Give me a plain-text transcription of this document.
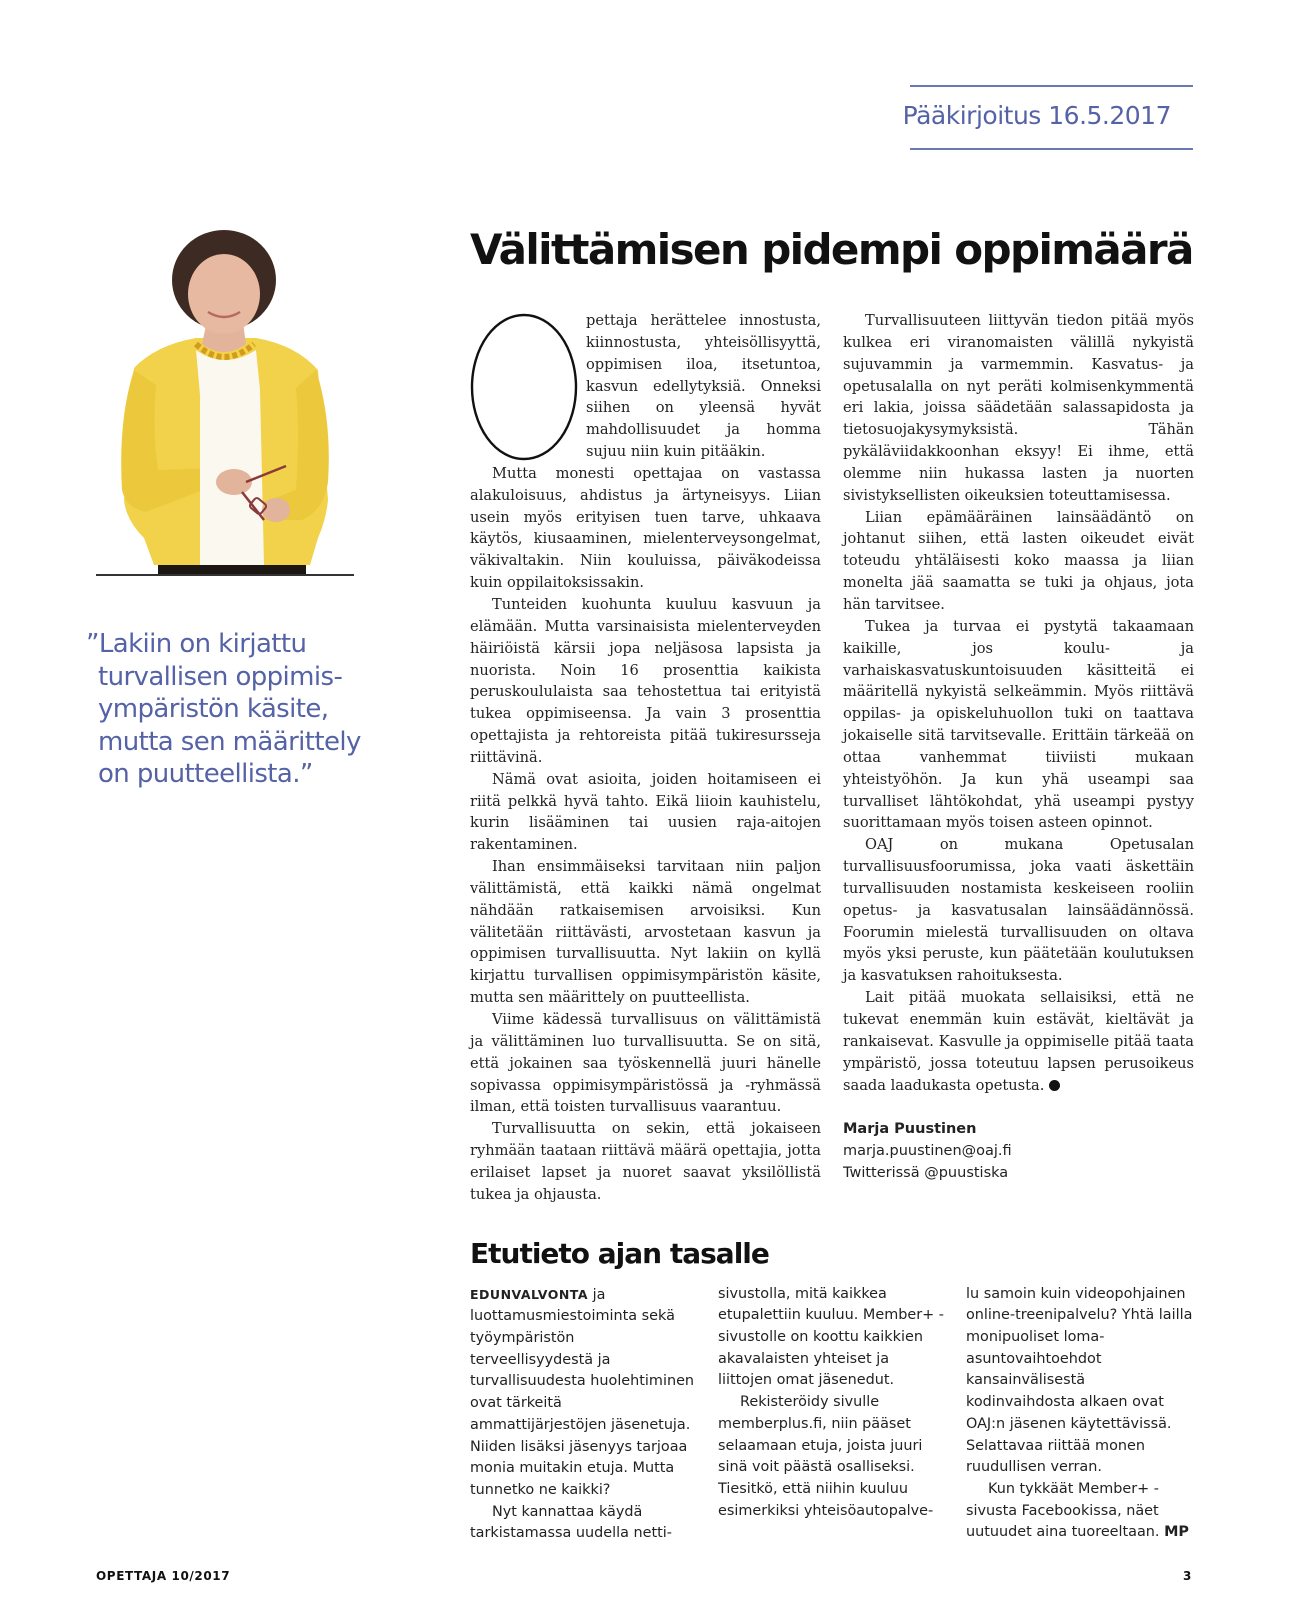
Pääkirjoitus 16.5.2017
”Lakiin on kirjattu
turvallisen oppimis-
ympäristön käsite,
mutta sen määrittely
on puutteellista.”
Välittämisen pidempi oppimäärä
O

pettaja herättelee innostusta, kiinnostusta, yhteisöllisyyttä, oppimisen iloa, itsetuntoa, kasvun edellytyksiä. Onneksi siihen on yleensä hyvät mahdollisuudet ja homma sujuu niin kuin pitääkin.

Mutta monesti opettajaa on vastassa alakuloisuus, ahdistus ja ärtyneisyys. Liian usein myös erityisen tuen tarve, uhkaava käytös, kiusaaminen, mielenterveysongelmat, väkivaltakin. Niin kouluissa, päiväkodeissa kuin oppilaitoksissakin.

Tunteiden kuohunta kuuluu kasvuun ja elämään. Mutta varsinaisista mielenterveyden häiriöistä kärsii jopa neljäsosa lapsista ja nuorista. Noin 16 prosenttia kaikista peruskoululaista saa tehostettua tai erityistä tukea oppimiseensa. Ja vain 3 prosenttia opettajista ja rehtoreista pitää tukiresursseja riittävinä.

Nämä ovat asioita, joiden hoitamiseen ei riitä pelkkä hyvä tahto. Eikä liioin kauhistelu, kurin lisääminen tai uusien raja-aitojen rakentaminen.

Ihan ensimmäiseksi tarvitaan niin paljon välittämistä, että kaikki nämä ongelmat nähdään ratkaisemisen arvoisiksi. Kun välitetään riittävästi, arvostetaan kasvun ja oppimisen turvallisuutta. Nyt lakiin on kyllä kirjattu turvallisen oppimisympäristön käsite, mutta sen määrittely on puutteellista.

Viime kädessä turvallisuus on välittämistä ja välittäminen luo turvallisuutta. Se on sitä, että jokainen saa työskennellä juuri hänelle sopivassa oppimisympäristössä ja -ryhmässä ilman, että toisten turvallisuus vaarantuu.

Turvallisuutta on sekin, että jokaiseen ryhmään taataan riittävä määrä opettajia, jotta erilaiset lapset ja nuoret saavat yksilöllistä tukea ja ohjausta.

Turvallisuuteen liittyvän tiedon pitää myös kulkea eri viranomaisten välillä nykyistä sujuvammin ja varmemmin. Kasvatus- ja opetusalalla on nyt peräti kolmisenkymmentä eri lakia, joissa säädetään salassapidosta ja tietosuojakysymyksistä. Tähän pykäläviidakkoonhan eksyy! Ei ihme, että olemme niin hukassa lasten ja nuorten sivistyksellisten oikeuksien toteuttamisessa.

Liian epämääräinen lainsäädäntö on johtanut siihen, että lasten oikeudet eivät toteudu yhtäläisesti koko maassa ja liian monelta jää saamatta se tuki ja ohjaus, jota hän tarvitsee.

Tukea ja turvaa ei pystytä takaamaan kaikille, jos koulu- ja varhaiskasvatuskuntoisuuden käsitteitä ei määritellä nykyistä selkeämmin. Myös riittävä oppilas- ja opiskeluhuollon tuki on taattava jokaiselle sitä tarvitsevalle. Erittäin tärkeää on ottaa vanhemmat tiiviisti mukaan yhteistyöhön. Ja kun yhä useampi saa turvalliset lähtökohdat, yhä useampi pystyy suorittamaan myös toisen asteen opinnot.

OAJ on mukana Opetusalan turvallisuusfoorumissa, joka vaati äskettäin turvallisuuden nostamista keskeiseen rooliin opetus- ja kasvatusalan lainsäädännössä. Foorumin mielestä turvallisuuden on oltava myös yksi peruste, kun päätetään koulutuksen ja kasvatuksen rahoituksesta.

Lait pitää muokata sellaisiksi, että ne tukevat enemmän kuin estävät, kieltävät ja rankaisevat. Kasvulle ja oppimiselle pitää taata ympäristö, jossa toteutuu lapsen perusoikeus saada laadukasta opetusta.

Marja Puustinen
marja.puustinen@oaj.fi
Twitterissä @puustiska
Etutieto ajan tasalle

EDUNVALVONTA ja luottamusmiestoiminta sekä työympäristön terveellisyydestä ja turvallisuudesta huolehtiminen ovat tärkeitä ammattijärjestöjen jäsenetuja. Niiden lisäksi jäsenyys tarjoaa monia muitakin etuja. Mutta tunnetko ne kaikki?

Nyt kannattaa käydä tarkistamassa uudella netti-

sivustolla, mitä kaikkea etupalettiin kuuluu. Member+ -sivustolle on koottu kaikkien akavalaisten yhteiset ja liittojen omat jäsenedut.

Rekisteröidy sivulle memberplus.fi, niin pääset selaamaan etuja, joista juuri sinä voit päästä osalliseksi. Tiesitkö, että niihin kuuluu esimerkiksi yhteisöautopalve-

lu samoin kuin videopohjainen online-treenipalvelu? Yhtä lailla monipuoliset loma-asuntovaihtoehdot kansainvälisestä kodinvaihdosta alkaen ovat OAJ:n jäsenen käytettävissä. Selattavaa riittää monen ruudullisen verran.

Kun tykkäät Member+ -sivusta Facebookissa, näet uutuudet aina tuoreeltaan. MP

OPETTAJA 10/2017	3
